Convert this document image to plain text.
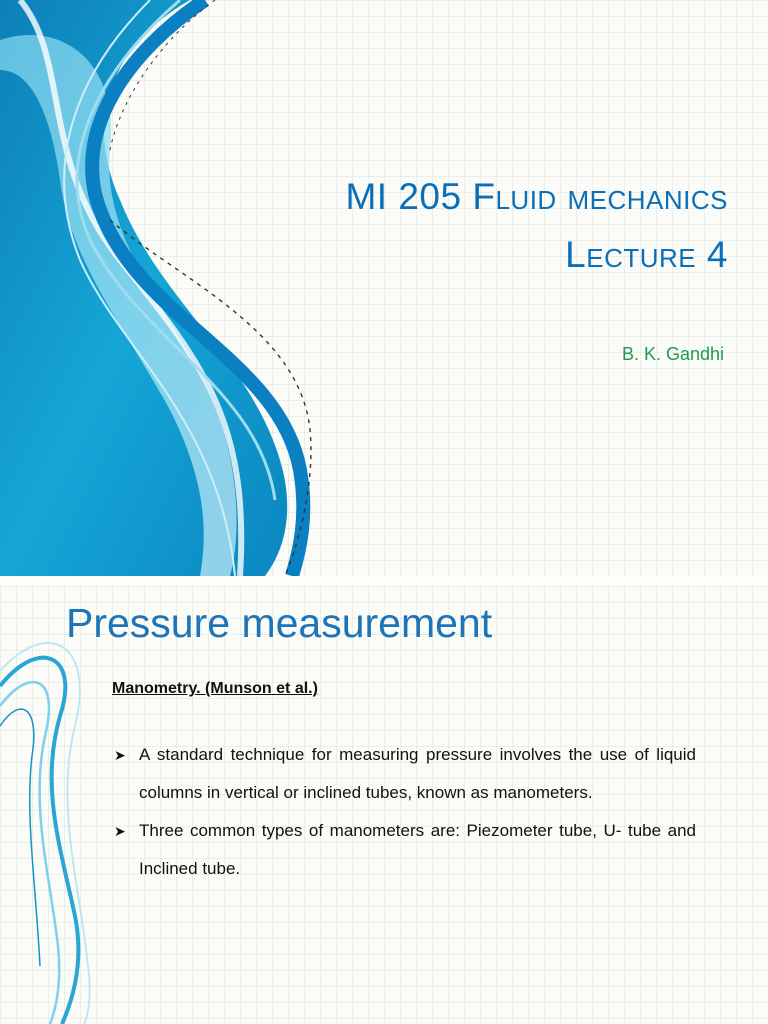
MI 205 Fluid mechanics
Lecture 4
B. K. Gandhi
Pressure measurement
Manometry. (Munson et al.)
➤ A standard technique for measuring pressure involves the use of liquid columns in vertical or inclined tubes, known as manometers.
➤ Three common types of manometers are: Piezometer tube, U- tube and Inclined tube.
